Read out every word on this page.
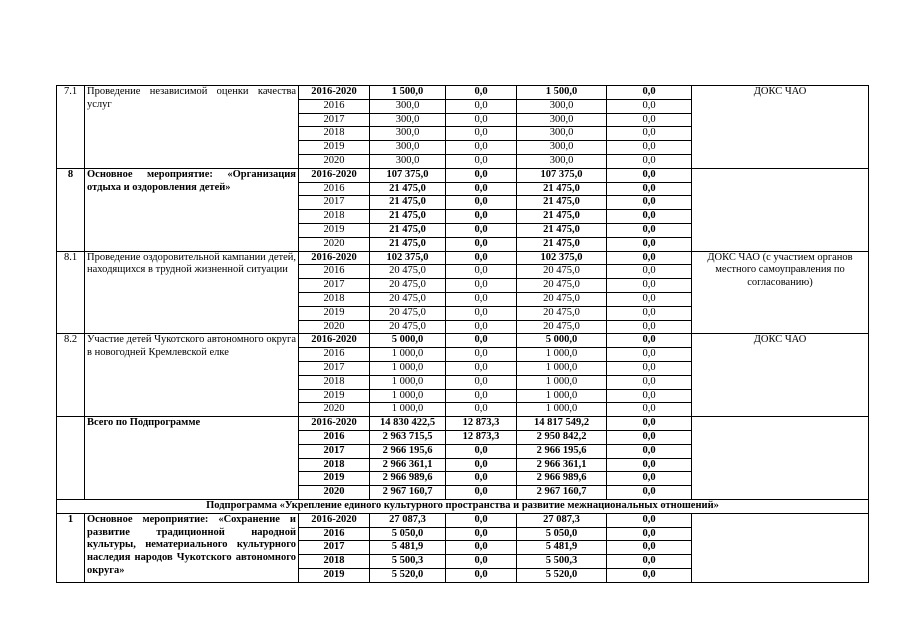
7.1	Проведение независимой оценки качества услуг	2016-2020	1 500,0	0,0	1 500,0	0,0	ДОКС ЧАО
		2016	300,0	0,0	300,0	0,0	
		2017	300,0	0,0	300,0	0,0	
		2018	300,0	0,0	300,0	0,0	
		2019	300,0	0,0	300,0	0,0	
		2020	300,0	0,0	300,0	0,0	
8	Основное мероприятие: «Организация отдыха и оздоровления детей»	2016-2020	107 375,0	0,0	107 375,0	0,0	
		2016	21 475,0	0,0	21 475,0	0,0	
		2017	21 475,0	0,0	21 475,0	0,0	
		2018	21 475,0	0,0	21 475,0	0,0	
		2019	21 475,0	0,0	21 475,0	0,0	
		2020	21 475,0	0,0	21 475,0	0,0	
8.1	Проведение оздоровительной кампании детей, находящихся в трудной жизненной ситуации	2016-2020	102 375,0	0,0	102 375,0	0,0	ДОКС ЧАО (с участием органов местного самоуправления по согласованию)
		2016	20 475,0	0,0	20 475,0	0,0	
		2017	20 475,0	0,0	20 475,0	0,0	
		2018	20 475,0	0,0	20 475,0	0,0	
		2019	20 475,0	0,0	20 475,0	0,0	
		2020	20 475,0	0,0	20 475,0	0,0	
8.2	Участие детей Чукотского автономного округа в новогодней Кремлевской елке	2016-2020	5 000,0	0,0	5 000,0	0,0	ДОКС ЧАО
		2016	1 000,0	0,0	1 000,0	0,0	
		2017	1 000,0	0,0	1 000,0	0,0	
		2018	1 000,0	0,0	1 000,0	0,0	
		2019	1 000,0	0,0	1 000,0	0,0	
		2020	1 000,0	0,0	1 000,0	0,0	
	Всего по Подпрограмме	2016-2020	14 830 422,5	12 873,3	14 817 549,2	0,0	
		2016	2 963 715,5	12 873,3	2 950 842,2	0,0	
		2017	2 966 195,6	0,0	2 966 195,6	0,0	
		2018	2 966 361,1	0,0	2 966 361,1	0,0	
		2019	2 966 989,6	0,0	2 966 989,6	0,0	
		2020	2 967 160,7	0,0	2 967 160,7	0,0	
Подпрограмма «Укрепление единого культурного пространства и развитие межнациональных отношений»							
1	Основное мероприятие: «Сохранение и развитие традиционной народной культуры, нематериального культурного наследия народов Чукотского автономного округа»	2016-2020	27 087,3	0,0	27 087,3	0,0	
		2016	5 050,0	0,0	5 050,0	0,0	
		2017	5 481,9	0,0	5 481,9	0,0	
		2018	5 500,3	0,0	5 500,3	0,0	
		2019	5 520,0	0,0	5 520,0	0,0	
